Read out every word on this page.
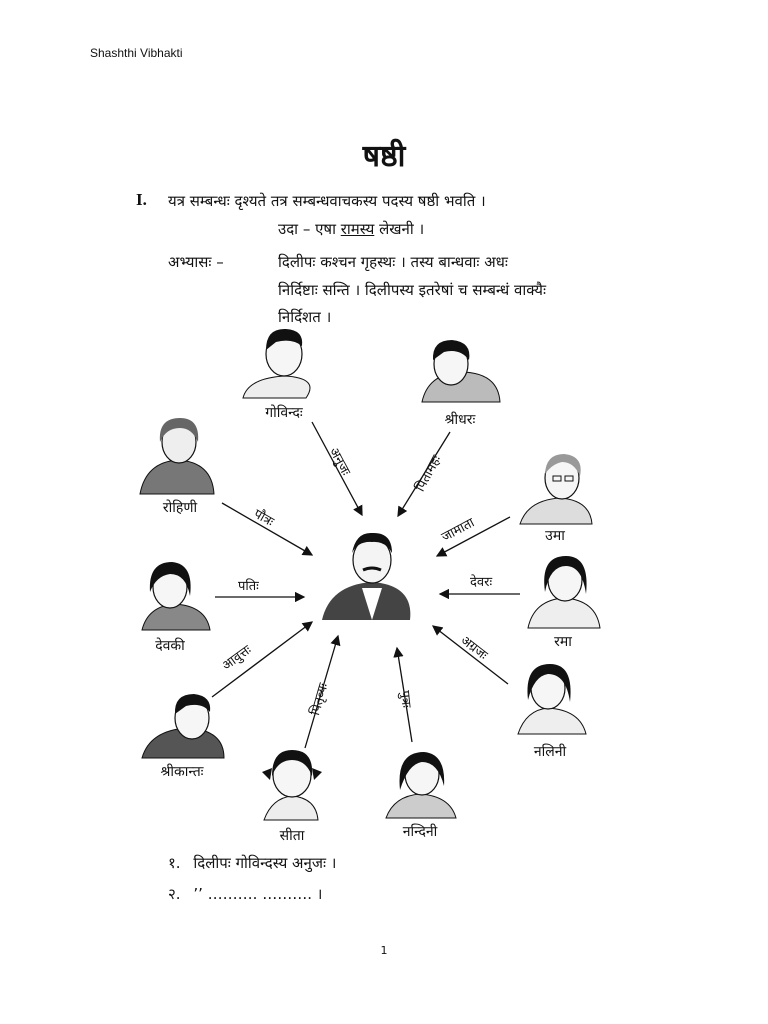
Shashthi Vibhakti
षष्ठी
I. यत्र सम्बन्धः दृश्यते तत्र सम्बन्धवाचकस्य पदस्य षष्ठी भवति ।
उदा – एषा रामस्य लेखनी ।
अभ्यासः –	दिलीपः कश्चन गृहस्थः । तस्य बान्धवाः अधः
निर्दिष्टाः सन्ति । दिलीपस्य इतरेषां च सम्बन्धं वाक्यैः
निर्दिशत ।
गोविन्दः	श्रीधरः
रोहिणी
उमा
देवकी	रमा
श्रीकान्तः
नलिनी
सीता	नन्दिनी
अनुजः	पितामहः
पौत्रः	जामाता
पतिः	देवरः
आवुत्तः	अग्रजः
पितृव्यः	पुत्रः
१. दिलीपः गोविन्दस्य अनुजः ।
२. ’’ ………. ………. ।
1
